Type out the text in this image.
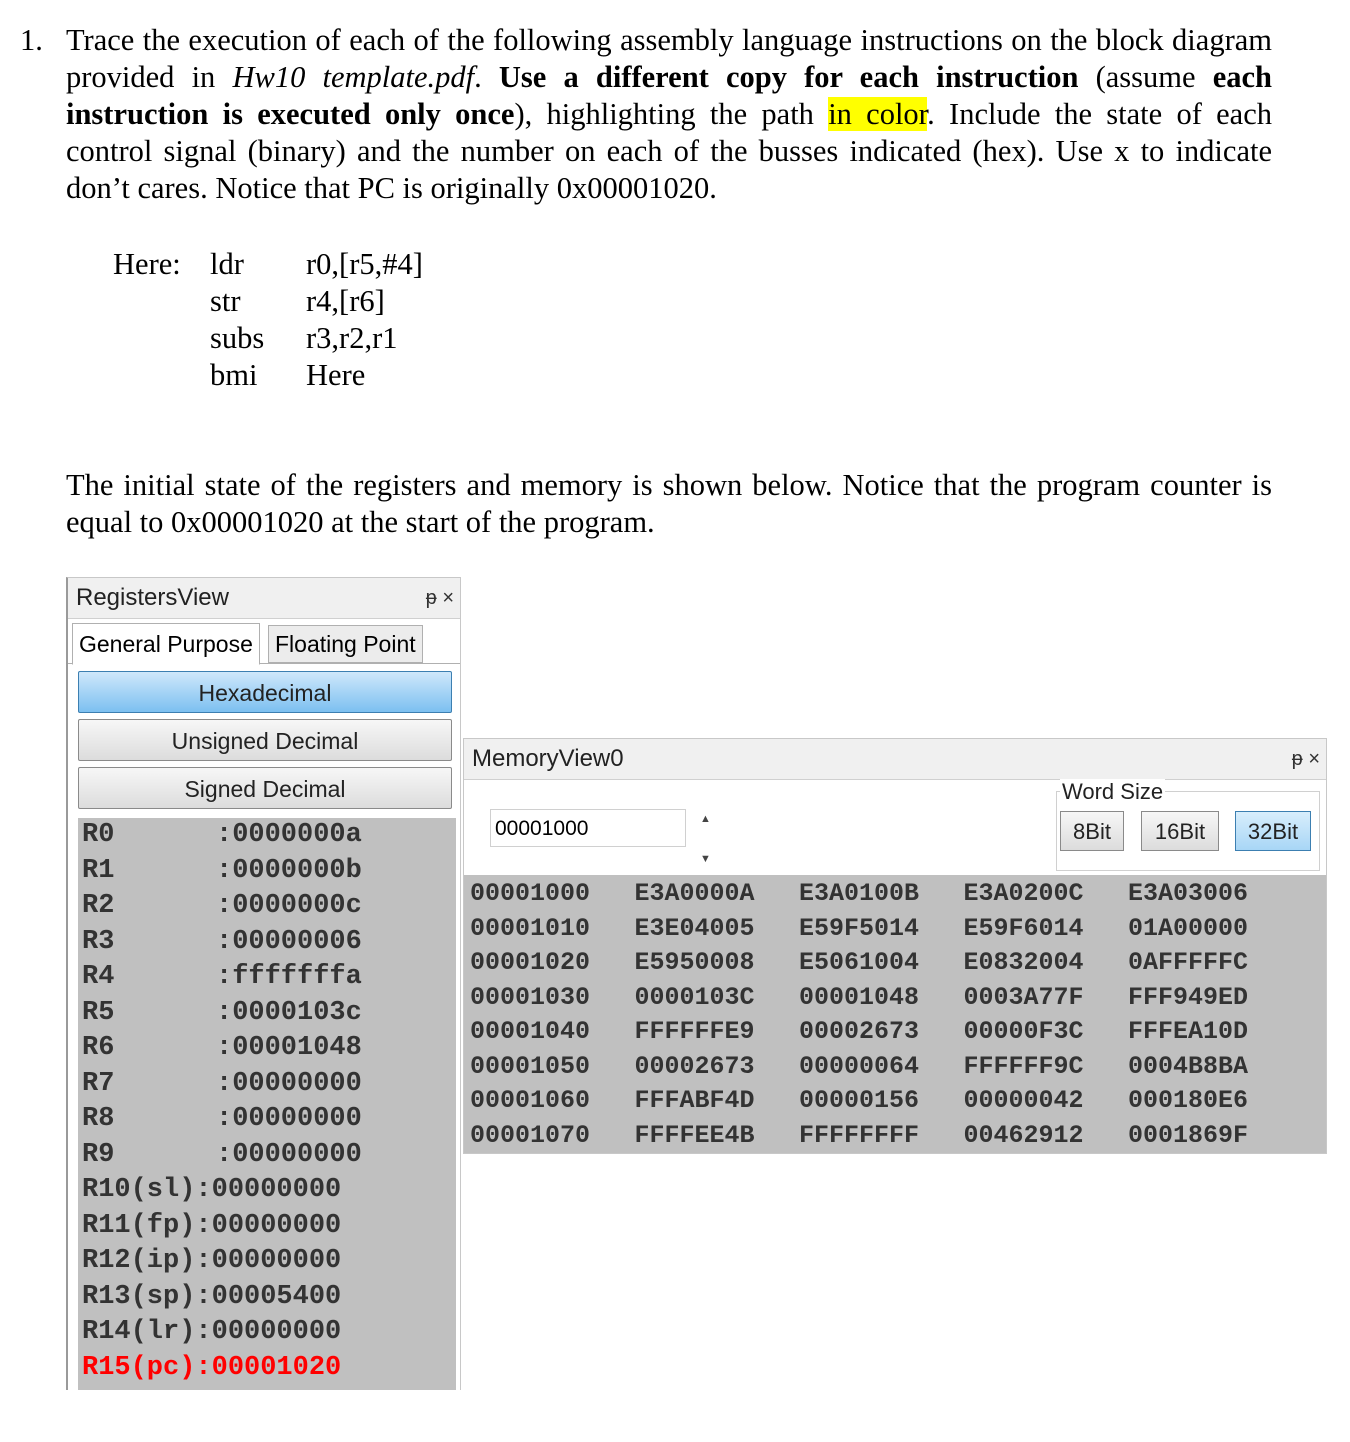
1. Trace the execution of each of the following assembly language instructions on the block diagram provided in Hw10 template.pdf. Use a different copy for each instruction (assume each instruction is executed only once), highlighting the path in color. Include the state of each control signal (binary) and the number on each of the busses indicated (hex). Use x to indicate don’t cares. Notice that PC is originally 0x00001020.
Here: ldr r0,[r5,#4]
str r4,[r6]
subs r3,r2,r1
bmi Here
The initial state of the registers and memory is shown below. Notice that the program counter is equal to 0x00001020 at the start of the program.
RegistersView	ᵽ ×
General Purpose Floating Point
Hexadecimal
Unsigned Decimal
Signed Decimal
R0	:0000000a
R1	:0000000b
R2	:0000000c
R3	:00000006
R4	:fffffffa
R5	:0000103c
R6	:00001048
R7	:00000000
R8	:00000000
R9	:00000000
R10(sl):00000000
R11(fp):00000000
R12(ip):00000000
R13(sp):00005400
R14(lr):00000000
R15(pc):00001020
MemoryView0	ᵽ ×
00001000	▲
▼
Word Size
8Bit	16Bit	32Bit
00001000 E3A0000A E3A0100B E3A0200C E3A03006
00001010 E3E04005 E59F5014 E59F6014 01A00000
00001020 E5950008 E5061004 E0832004 0AFFFFFC
00001030 0000103C 00001048 0003A77F FFF949ED
00001040 FFFFFFE9 00002673 00000F3C FFFEA10D
00001050 00002673 00000064 FFFFFF9C 0004B8BA
00001060 FFFABF4D 00000156 00000042 000180E6
00001070 FFFFEE4B FFFFFFFF 00462912 0001869F
